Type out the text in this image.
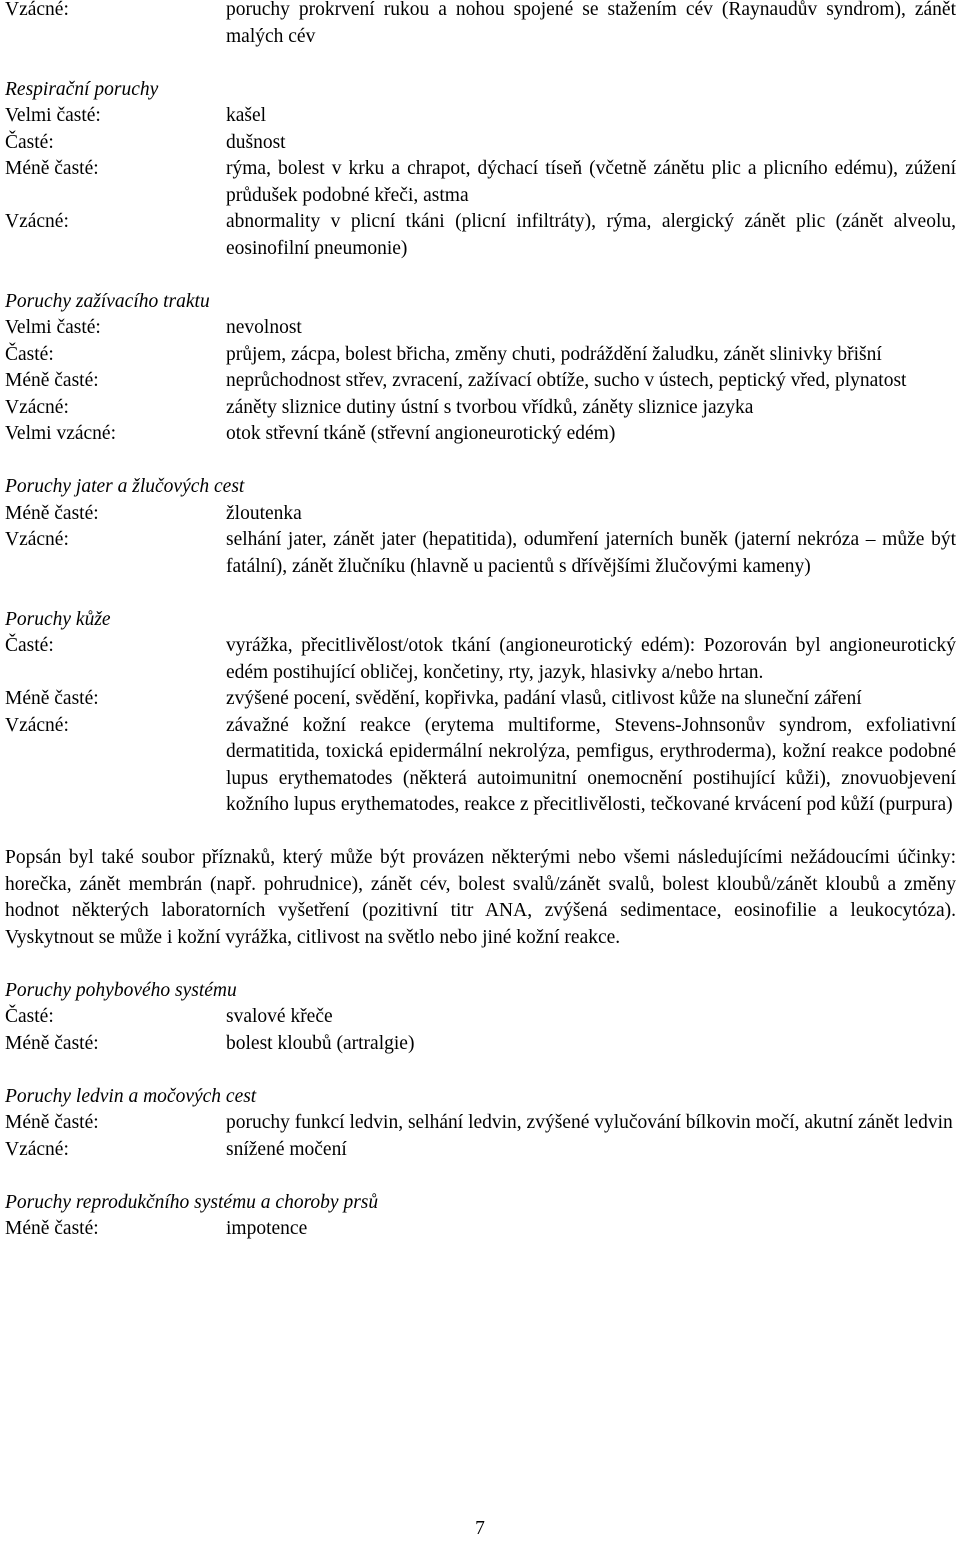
Vzácné:	poruchy prokrvení rukou a nohou spojené se stažením cév (Raynaudův syndrom), zánět malých cév
Respirační poruchy
Velmi časté:	kašel
Časté:	dušnost
Méně časté:	rýma, bolest v krku a chrapot, dýchací tíseň (včetně zánětu plic a plicního edému), zúžení průdušek podobné křeči, astma
Vzácné:	abnormality v plicní tkáni (plicní infiltráty), rýma, alergický zánět plic (zánět alveolu, eosinofilní pneumonie)
Poruchy zažívacího traktu
Velmi časté:	nevolnost
Časté:	průjem, zácpa, bolest břicha, změny chuti, podráždění žaludku, zánět slinivky břišní
Méně časté:	neprůchodnost střev, zvracení, zažívací obtíže, sucho v ústech, peptický vřed, plynatost
Vzácné:	záněty sliznice dutiny ústní s tvorbou vřídků, záněty sliznice jazyka
Velmi vzácné:	otok střevní tkáně (střevní angioneurotický edém)
Poruchy jater a žlučových cest
Méně časté:	žloutenka
Vzácné:	selhání jater, zánět jater (hepatitida), odumření jaterních buněk (jaterní nekróza – může být fatální), zánět žlučníku (hlavně u pacientů s dřívějšími žlučovými kameny)
Poruchy kůže
Časté:	vyrážka, přecitlivělost/otok tkání (angioneurotický edém): Pozorován byl angioneurotický edém postihující obličej, končetiny, rty, jazyk, hlasivky a/nebo hrtan.
Méně časté:	zvýšené pocení, svědění, kopřivka, padání vlasů, citlivost kůže na sluneční záření
Vzácné:	závažné kožní reakce (erytema multiforme, Stevens-Johnsonův syndrom, exfoliativní dermatitida, toxická epidermální nekrolýza, pemfigus, erythroderma), kožní reakce podobné lupus erythematodes (některá autoimunitní onemocnění postihující kůži), znovuobjevení kožního lupus erythematodes, reakce z přecitlivělosti, tečkované krvácení pod kůží (purpura)
Popsán byl také soubor příznaků, který může být provázen některými nebo všemi následujícími nežádoucími účinky: horečka, zánět membrán (např. pohrudnice), zánět cév, bolest svalů/zánět svalů, bolest kloubů/zánět kloubů a změny hodnot některých laboratorních vyšetření (pozitivní titr ANA, zvýšená sedimentace, eosinofilie a leukocytóza). Vyskytnout se může i kožní vyrážka, citlivost na světlo nebo jiné kožní reakce.
Poruchy pohybového systému
Časté:	svalové křeče
Méně časté:	bolest kloubů (artralgie)
Poruchy ledvin a močových cest
Méně časté:	poruchy funkcí ledvin, selhání ledvin, zvýšené vylučování bílkovin močí, akutní zánět ledvin
Vzácné:	snížené močení
Poruchy reprodukčního systému a choroby prsů
Méně časté:	impotence
7
